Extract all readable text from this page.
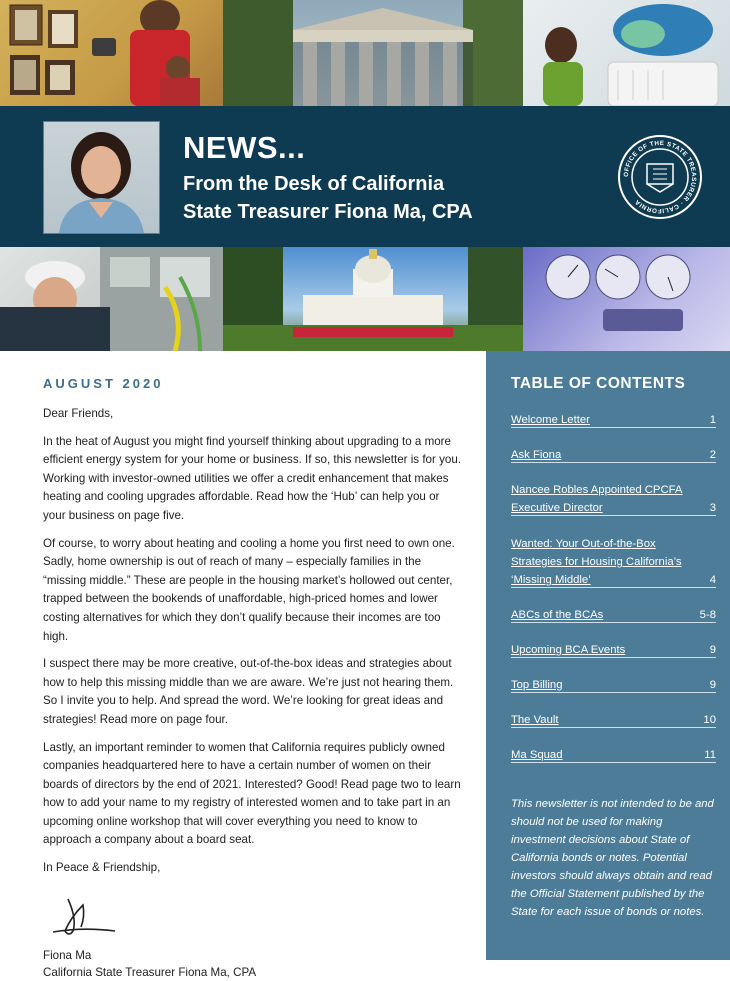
NEWS...
From the Desk of California
State Treasurer Fiona Ma, CPA
OFFICE OF THE STATE TREASURER · CALIFORNIA
AUGUST 2020

Dear Friends,

In the heat of August you might find yourself thinking about upgrading to a more efficient energy system for your home or business. If so, this newsletter is for you. Working with investor-owned utilities we offer a credit enhancement that makes heating and cooling upgrades affordable. Read how the ‘Hub’ can help you or your business on page five.

Of course, to worry about heating and cooling a home you first need to own one. Sadly, home ownership is out of reach of many – especially families in the “missing middle.” These are people in the housing market’s hollowed out center, trapped between the bookends of unaffordable, high-priced homes and lower costing alternatives for which they don’t qualify because their incomes are too high.

I suspect there may be more creative, out-of-the-box ideas and strategies about how to help this missing middle than we are aware. We’re just not hearing them. So I invite you to help. And spread the word. We’re looking for great ideas and strategies! Read more on page four.

Lastly, an important reminder to women that California requires publicly owned companies headquartered here to have a certain number of women on their boards of directors by the end of 2021. Interested? Good! Read page two to learn how to add your name to my registry of interested women and to take part in an upcoming online workshop that will cover everything you need to know to approach a company about a board seat.

In Peace & Friendship,

Fiona Ma
California State Treasurer Fiona Ma, CPA
TABLE OF CONTENTS
Welcome Letter	1
Ask Fiona	2
Nancee Robles Appointed CPCFA Executive Director	3
Wanted: Your Out-of-the-Box Strategies for Housing California’s ‘Missing Middle’	4
ABCs of the BCAs	5-8
Upcoming BCA Events	9
Top Billing	9
The Vault	10
Ma Squad	11
This newsletter is not intended to be and should not be used for making investment decisions about State of California bonds or notes. Potential investors should always obtain and read the Official Statement published by the State for each issue of bonds or notes.
